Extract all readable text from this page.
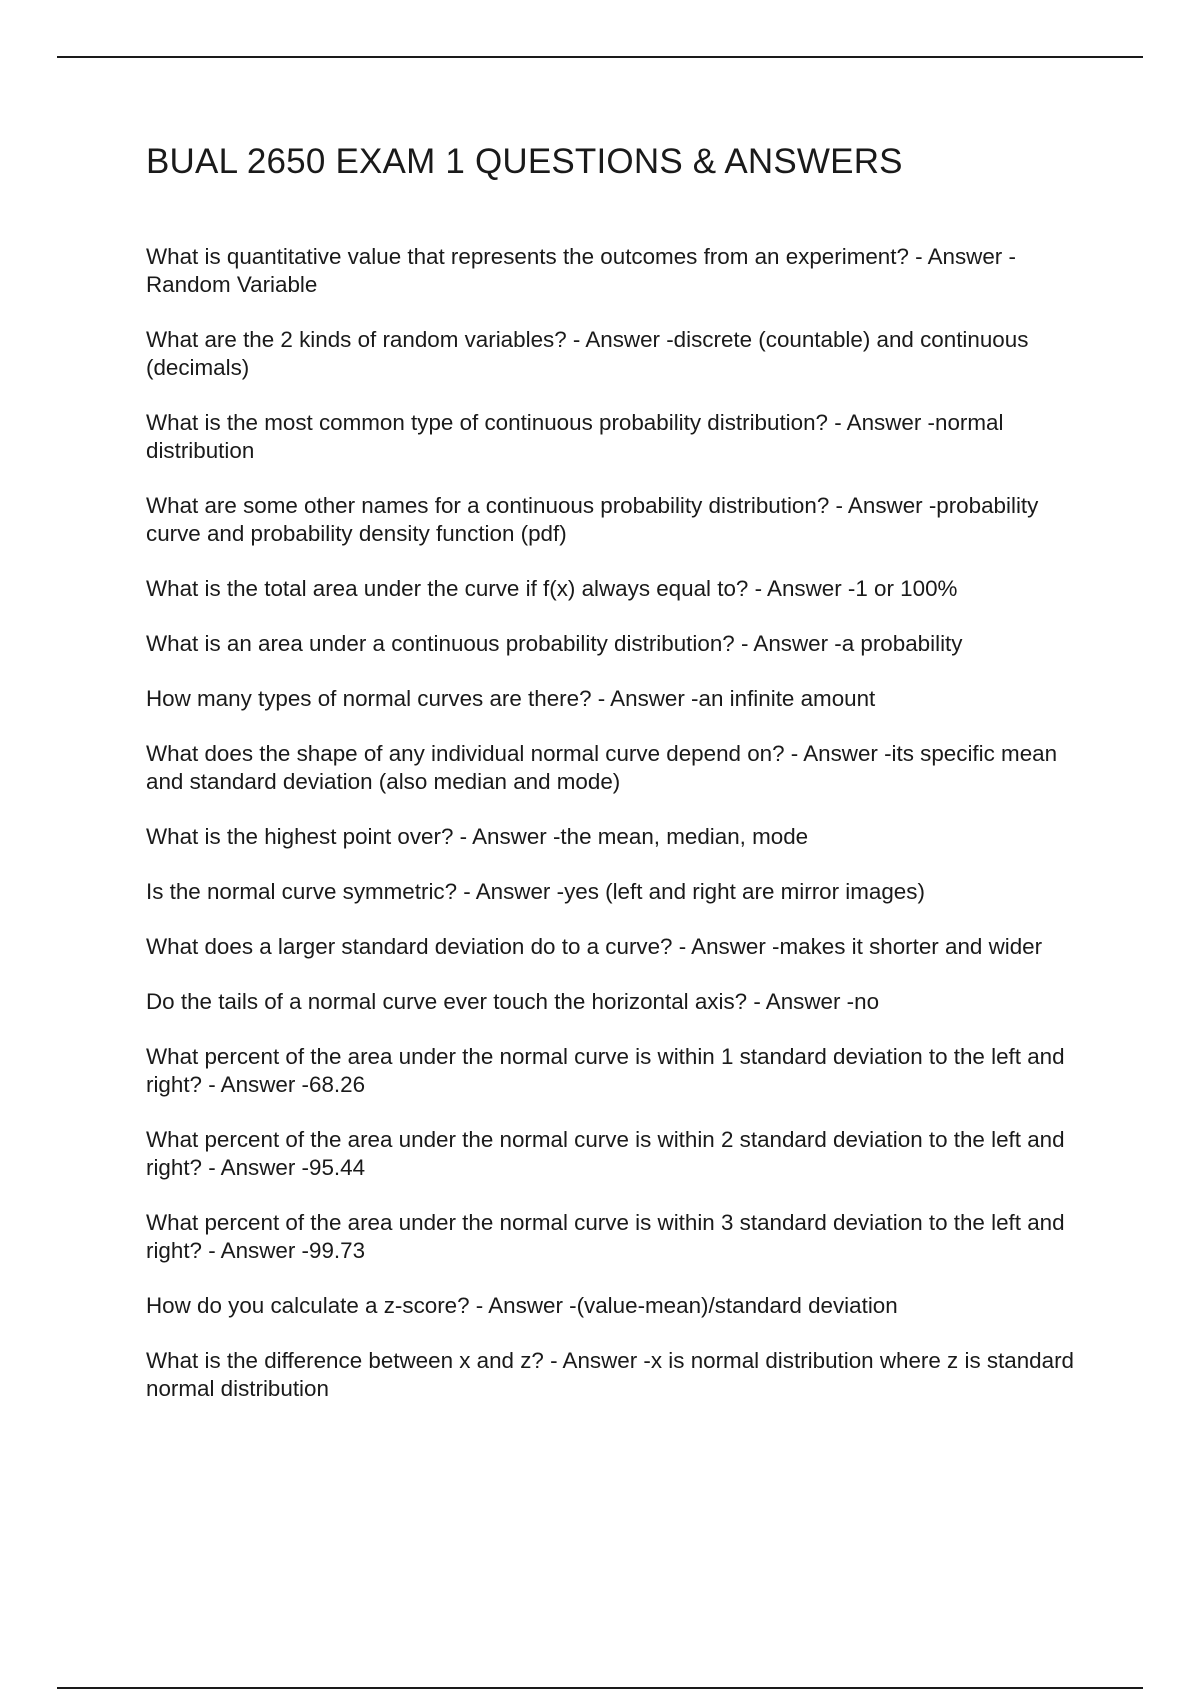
BUAL 2650 EXAM 1 QUESTIONS & ANSWERS
What is quantitative value that represents the outcomes from an experiment? - Answer -Random Variable
What are the 2 kinds of random variables? - Answer -discrete (countable) and continuous (decimals)
What is the most common type of continuous probability distribution? - Answer -normal distribution
What are some other names for a continuous probability distribution? - Answer -probability curve and probability density function (pdf)
What is the total area under the curve if f(x) always equal to? - Answer -1 or 100%
What is an area under a continuous probability distribution? - Answer -a probability
How many types of normal curves are there? - Answer -an infinite amount
What does the shape of any individual normal curve depend on? - Answer -its specific mean and standard deviation (also median and mode)
What is the highest point over? - Answer -the mean, median, mode
Is the normal curve symmetric? - Answer -yes (left and right are mirror images)
What does a larger standard deviation do to a curve? - Answer -makes it shorter and wider
Do the tails of a normal curve ever touch the horizontal axis? - Answer -no
What percent of the area under the normal curve is within 1 standard deviation to the left and right? - Answer -68.26
What percent of the area under the normal curve is within 2 standard deviation to the left and right? - Answer -95.44
What percent of the area under the normal curve is within 3 standard deviation to the left and right? - Answer -99.73
How do you calculate a z-score? - Answer -(value-mean)/standard deviation
What is the difference between x and z? - Answer -x is normal distribution where z is standard normal distribution
